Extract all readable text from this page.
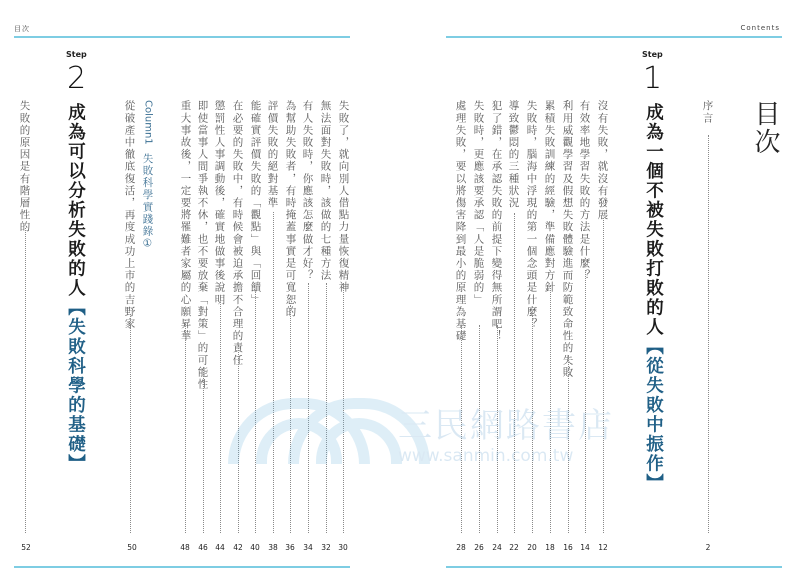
目次
Step
2
成為可以分析失敗的人【失敗科學的基礎】
失敗了，就向別人借點力量恢復精神
30
無法面對失敗時，該做的七種方法
32
有人失敗時，你應該怎麼做才好？
34
為幫助失敗者，有時掩蓋事實是可寬恕的
36
評價失敗的絕對基準
38
能確實評價失敗的「觀點」與「回饋」
40
在必要的失敗中，有時候會被迫承擔不合理的責任
42
懲罰性人事調動後，確實地做事後說明
44
即使當事人間爭執不休，也不要放棄「對策」的可能性
46
重大事故後，一定要將罹難者家屬的心願昇華
48
Column1失敗科學實踐錄①
從破產中徹底復活，再度成功上市的吉野家
50
失敗的原因是有階層性的
52
Contents
目次
序言
2
Step
1
成為一個不被失敗打敗的人【從失敗中振作】
沒有失敗，就沒有發展
12
有效率地學習失敗的方法是什麼？
14
利用威觀學習及假想失敗體驗進而防範致命性的失敗
16
累積失敗訓練的經驗，準備應對方針
18
失敗時，腦海中浮現的第一個念頭是什麼？
20
導致鬱悶的三種狀況
22
犯了錯，在承認失敗的前提下變得無所謂吧！
24
失敗時，更應該要承認「人是脆弱的」
26
處理失敗，要以將傷害降到最小的原理為基礎
28
三民網路書店
www.sanmin.com.tw
